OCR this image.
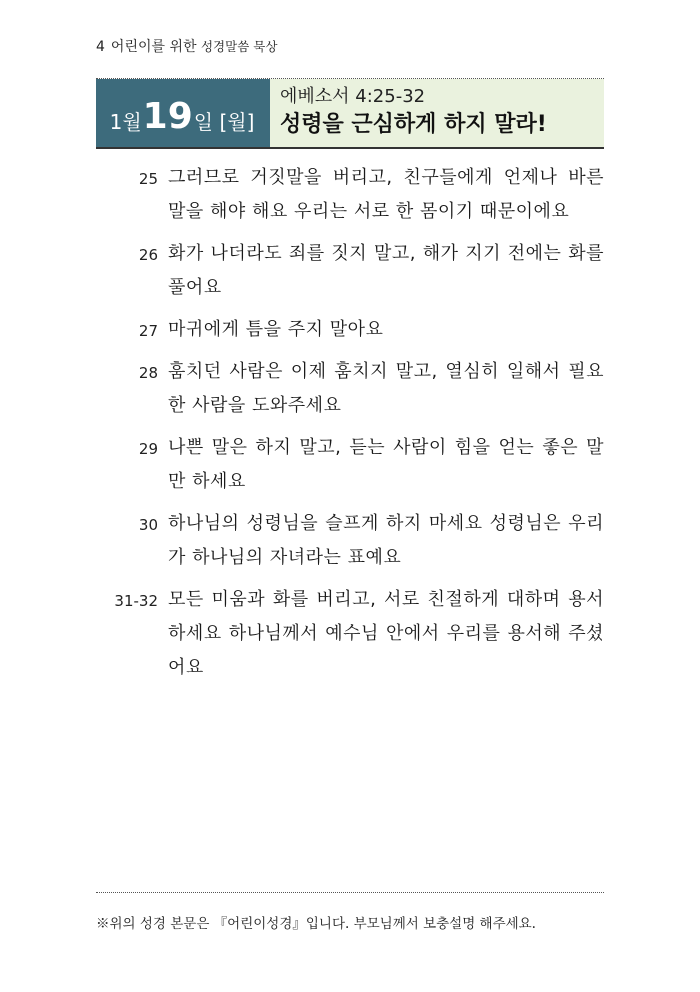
4 어린이를 위한 성경말씀 묵상
1월 19 일 [월]
에베소서 4:25-32
성령을 근심하게 하지 말라!
25 그러므로 거짓말을 버리고, 친구들에게 언제나 바른 말을 해야 해요 우리는 서로 한 몸이기 때문이에요
26 화가 나더라도 죄를 짓지 말고, 해가 지기 전에는 화를 풀어요
27 마귀에게 틈을 주지 말아요
28 훔치던 사람은 이제 훔치지 말고, 열심히 일해서 필요한 사람을 도와주세요
29 나쁜 말은 하지 말고, 듣는 사람이 힘을 얻는 좋은 말만 하세요
30 하나님의 성령님을 슬프게 하지 마세요 성령님은 우리가 하나님의 자녀라는 표예요
31-32 모든 미움과 화를 버리고, 서로 친절하게 대하며 용서하세요 하나님께서 예수님 안에서 우리를 용서해 주셨어요
※위의 성경 본문은 『어린이성경』입니다. 부모님께서 보충설명 해주세요.
